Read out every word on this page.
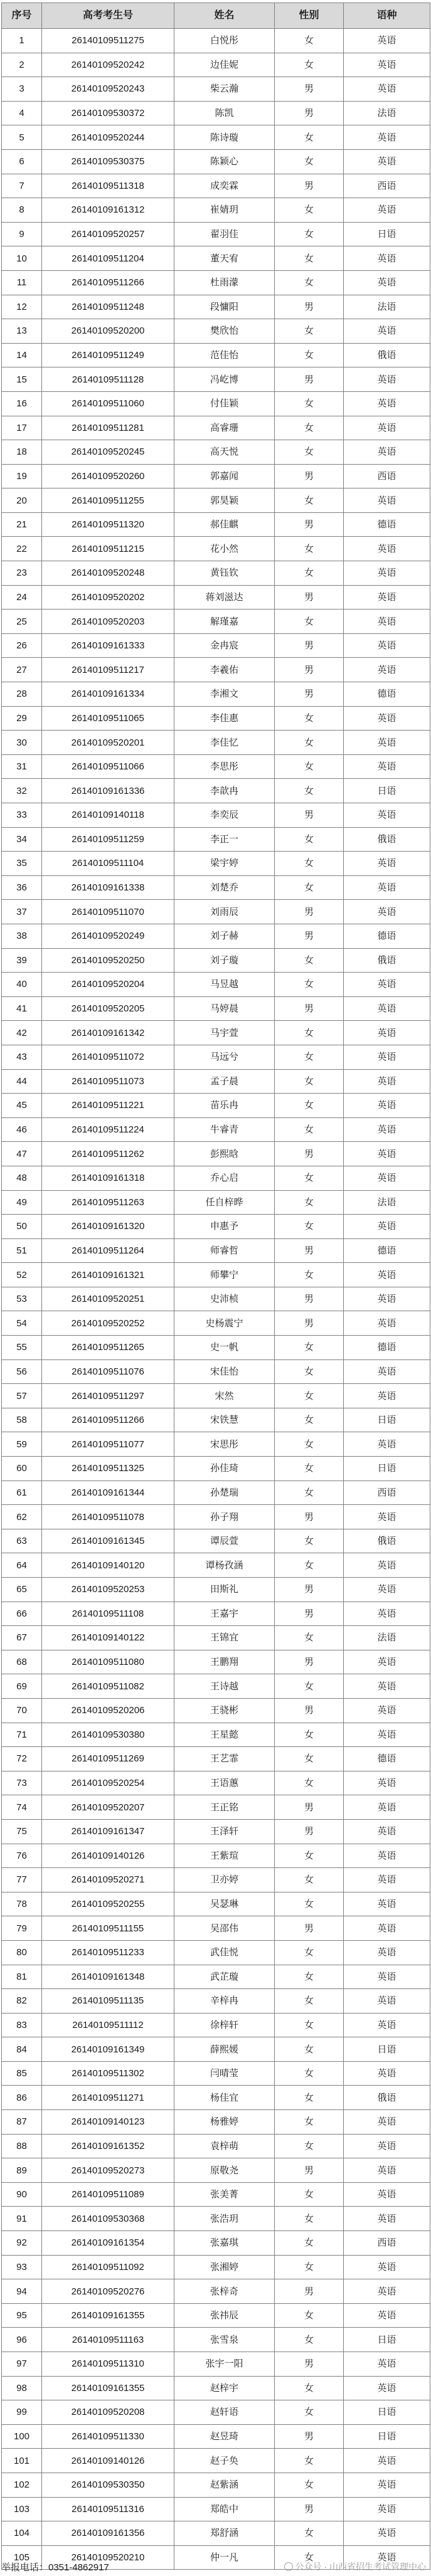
序号	高考考生号	姓名	性别	语种
1	26140109511275	白悦彤	女	英语
2	26140109520242	边佳妮	女	英语
3	26140109520243	柴云瀚	男	英语
4	26140109530372	陈凯	男	法语
5	26140109520244	陈诗璇	女	英语
6	26140109530375	陈颖心	女	英语
7	26140109511318	成奕霖	男	西语
8	26140109161312	崔婧玥	女	英语
9	26140109520257	翟羽佳	女	日语
10	26140109511204	董天宥	女	英语
11	26140109511266	杜雨濛	女	英语
12	26140109511248	段慵阳	男	法语
13	26140109520200	樊欣怡	女	英语
14	26140109511249	范佳怡	女	俄语
15	26140109511128	冯屹博	男	英语
16	26140109511060	付佳颖	女	英语
17	26140109511281	高睿珊	女	英语
18	26140109520245	高天悦	女	英语
19	26140109520260	郭嘉闻	男	西语
20	26140109511255	郭昊颖	女	英语
21	26140109511320	郝佳麒	男	德语
22	26140109511215	花小然	女	英语
23	26140109520248	黄钰钦	女	英语
24	26140109520202	蒋刘滋达	男	英语
25	26140109520203	解瑾嘉	女	英语
26	26140109161333	金冉宸	男	英语
27	26140109511217	李羲佑	男	英语
28	26140109161334	李湘文	男	德语
29	26140109511065	李佳惠	女	英语
30	26140109520201	李佳忆	女	英语
31	26140109511066	李思彤	女	英语
32	26140109161336	李歆冉	女	日语
33	26140109140118	李奕辰	男	英语
34	26140109511259	李正一	女	俄语
35	26140109511104	梁宇婷	女	英语
36	26140109161338	刘楚乔	女	英语
37	26140109511070	刘雨辰	男	英语
38	26140109520249	刘子赫	男	德语
39	26140109520250	刘子璇	女	俄语
40	26140109520204	马昱越	女	英语
41	26140109520205	马婷晨	男	英语
42	26140109161342	马宇萱	女	英语
43	26140109511072	马远兮	女	英语
44	26140109511073	孟子晨	女	英语
45	26140109511221	苗乐冉	女	英语
46	26140109511224	牛睿青	女	英语
47	26140109511262	彭熙晗	男	英语
48	26140109161318	乔心启	女	英语
49	26140109511263	任自梓晔	女	法语
50	26140109161320	申惠予	女	英语
51	26140109511264	师睿哲	男	德语
52	26140109161321	师攀宁	女	英语
53	26140109520251	史沛桢	男	英语
54	26140109520252	史杨震宁	男	英语
55	26140109511265	史一帆	女	德语
56	26140109511076	宋佳怡	女	英语
57	26140109511297	宋然	女	英语
58	26140109511266	宋铁慧	女	日语
59	26140109511077	宋思彤	女	英语
60	26140109511325	孙佳琦	女	日语
61	26140109161344	孙楚瑞	女	西语
62	26140109511078	孙子翔	男	英语
63	26140109161345	谭辰萱	女	俄语
64	26140109140120	谭杨孜涵	女	英语
65	26140109520253	田斯礼	男	英语
66	26140109511108	王嘉宇	男	英语
67	26140109140122	王锦宜	女	法语
68	26140109511080	王鹏翔	男	英语
69	26140109511082	王诗越	女	英语
70	26140109520206	王骁彬	男	英语
71	26140109530380	王星懿	女	英语
72	26140109511269	王艺霏	女	德语
73	26140109520254	王语蕙	女	英语
74	26140109520207	王正铭	男	英语
75	26140109161347	王泽轩	男	英语
76	26140109140126	王紫瑄	女	英语
77	26140109520271	卫亦婷	女	英语
78	26140109520255	吴瑟琳	女	英语
79	26140109511155	吴邵伟	男	英语
80	26140109511233	武佳悦	女	英语
81	26140109161348	武芷璇	女	英语
82	26140109511135	辛梓冉	女	英语
83	26140109511112	徐梓轩	女	英语
84	26140109161349	薛熙媛	女	日语
85	26140109511302	闫晴莹	女	英语
86	26140109511271	杨佳宜	女	俄语
87	26140109140123	杨雅婷	女	英语
88	26140109161352	袁梓萌	女	英语
89	26140109520273	原敬尧	男	英语
90	26140109511089	张美菁	女	英语
91	26140109530368	张浩玥	女	英语
92	26140109161354	张嘉琪	女	西语
93	26140109511092	张湘婷	女	英语
94	26140109520276	张梓奇	男	英语
95	26140109161355	张祎辰	女	英语
96	26140109511163	张雪泉	女	日语
97	26140109511310	张宇一阳	男	英语
98	26140109161355	赵梓宇	女	英语
99	26140109520208	赵轩语	女	日语
100	26140109511330	赵昱琦	男	日语
101	26140109140126	赵子奂	女	英语
102	26140109530350	赵紫涵	女	英语
103	26140109511316	郑皓中	男	英语
104	26140109161356	郑舒涵	女	英语
105	26140109520210	仲一凡	女	英语
举报电话：0351-4862917	公众号 · 山西省招生考试管理中心
